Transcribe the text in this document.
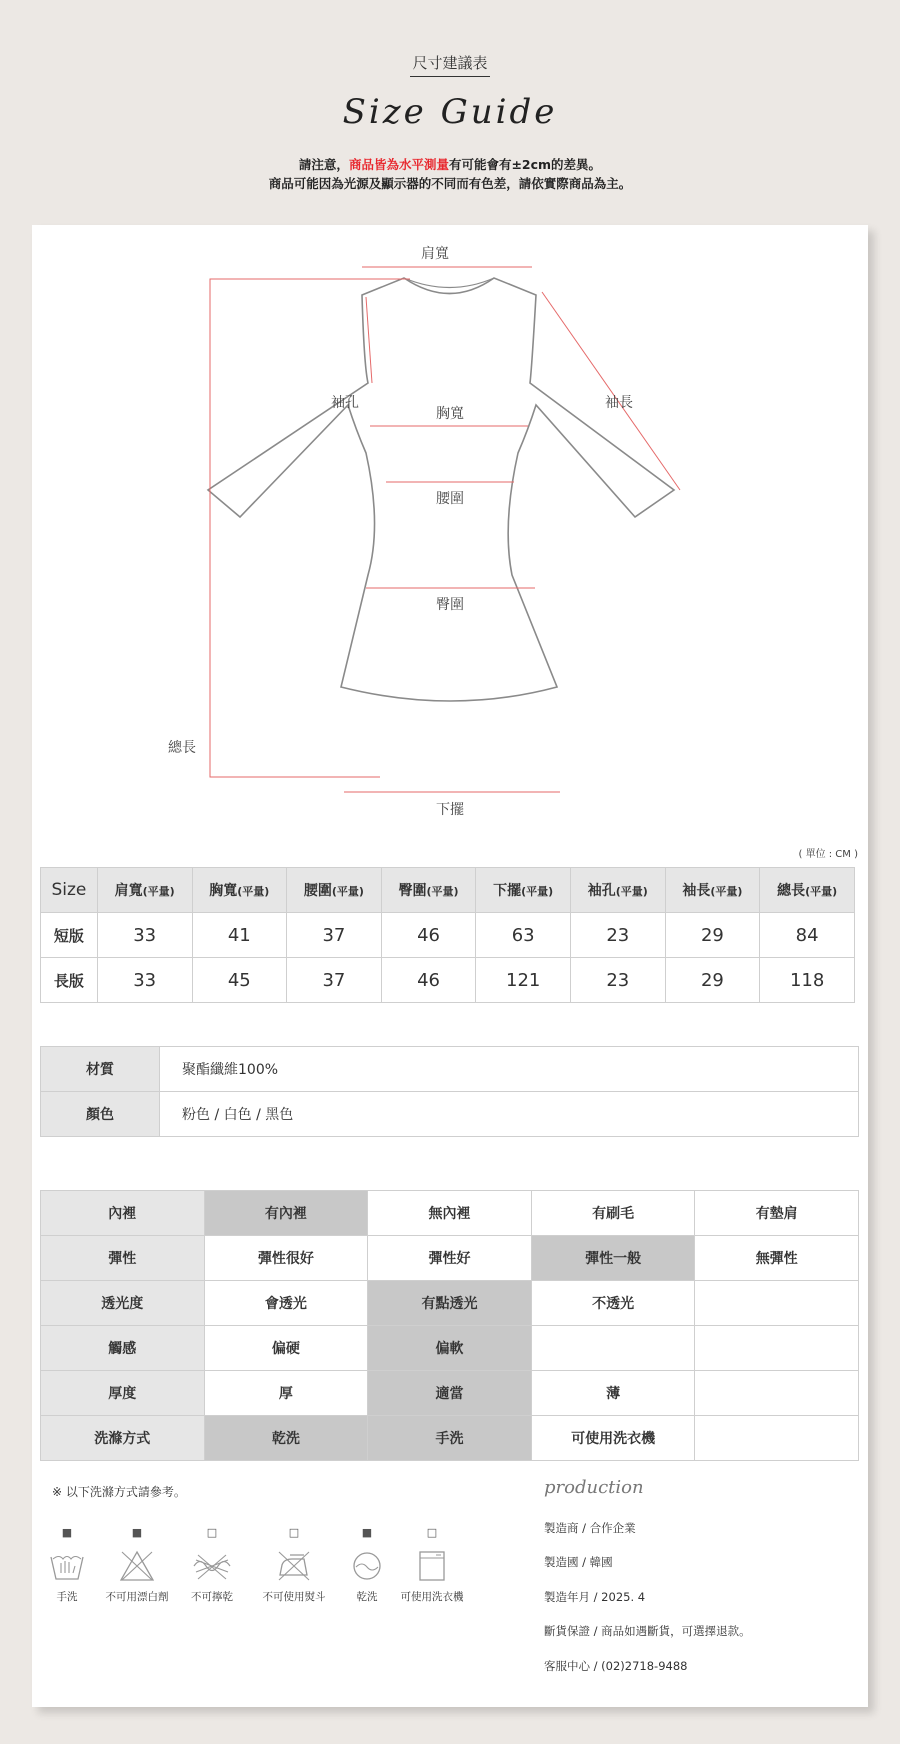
尺寸建議表
Size Guide
請注意，商品皆為水平測量有可能會有±2cm的差異。
商品可能因為光源及顯示器的不同而有色差，請依實際商品為主。
肩寬
袖孔
胸寬
袖長
腰圍
臀圍
總長
下擺
( 單位 : CM )
Size	肩寬(平量)	胸寬(平量)	腰圍(平量)	臀圍(平量)	下擺(平量)	袖孔(平量)	袖長(平量)	總長(平量)
短版	33	41	37	46	63	23	29	84
長版	33	45	37	46	121	23	29	118
材質	聚酯纖維100%
顏色	粉色 / 白色 / 黑色
內裡	有內裡	無內裡	有刷毛	有墊肩
彈性	彈性很好	彈性好	彈性一般	無彈性
透光度	會透光	有點透光	不透光	
觸感	偏硬	偏軟		
厚度	厚	適當	薄	
洗滌方式	乾洗	手洗	可使用洗衣機	
※ 以下洗滌方式請參考。
■
手洗
■
不可用漂白劑
□
不可擰乾
□
不可使用熨斗
■
乾洗
□
可使用洗衣機
production
製造商 / 合作企業
製造國 / 韓國
製造年月 / 2025. 4
斷貨保證 / 商品如遇斷貨，可選擇退款。
客服中心 / (02)2718-9488
